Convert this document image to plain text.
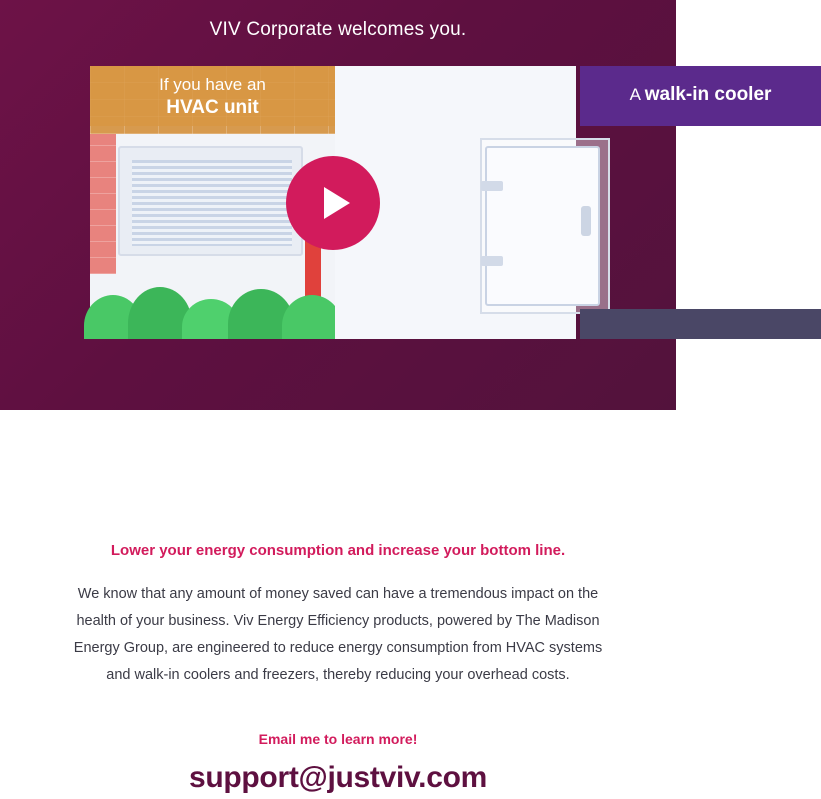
VIV Corporate welcomes you.
If you have an
HVAC unit
A walk-in cooler
Lower your energy consumption and increase your bottom line.
We know that any amount of money saved can have a tremendous impact on the health of your business. Viv Energy Efficiency products, powered by The Madison Energy Group, are engineered to reduce energy consumption from HVAC systems and walk-in coolers and freezers, thereby reducing your overhead costs.
Email me to learn more!
support@justviv.com
